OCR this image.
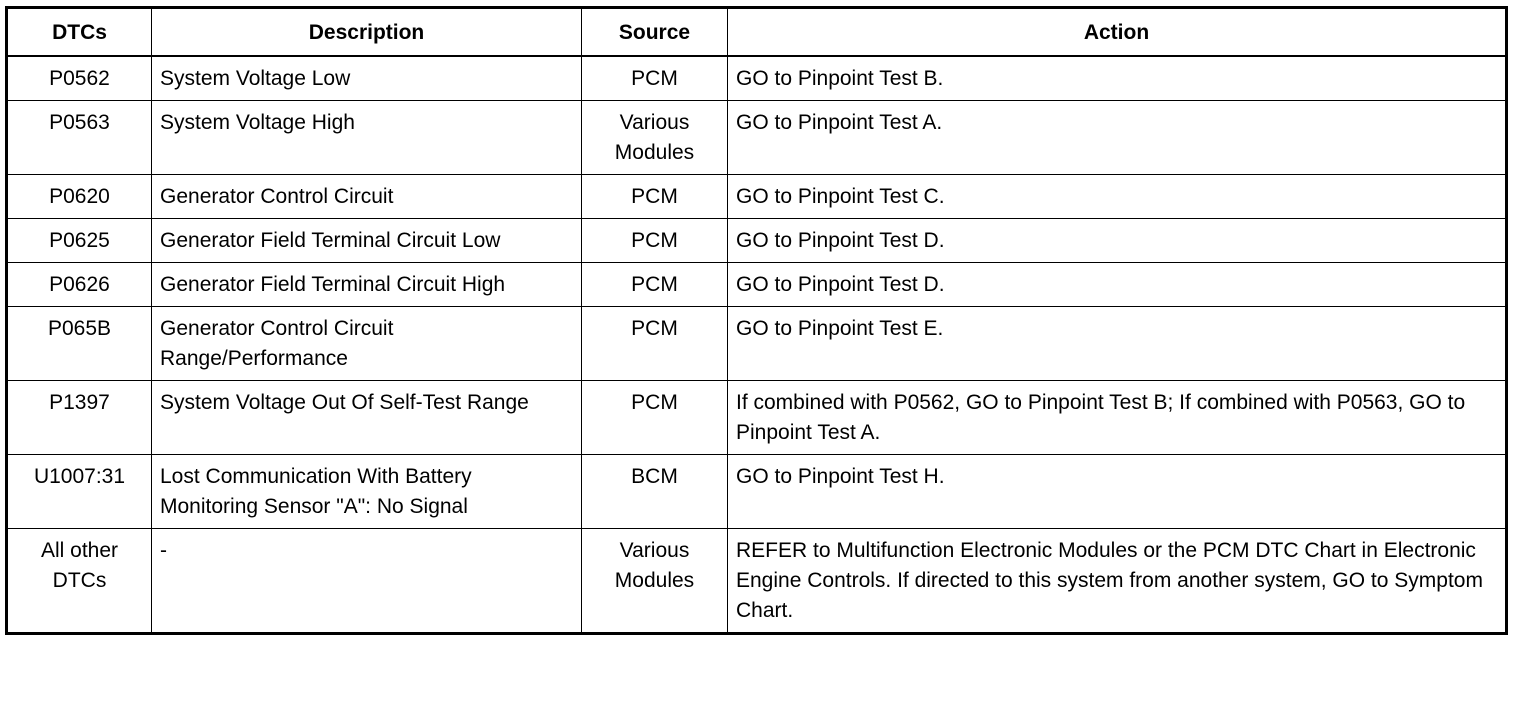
DTCs	Description	Source	Action
P0562	System Voltage Low	PCM	GO to Pinpoint Test B.
P0563	System Voltage High	Various Modules	GO to Pinpoint Test A.
P0620	Generator Control Circuit	PCM	GO to Pinpoint Test C.
P0625	Generator Field Terminal Circuit Low	PCM	GO to Pinpoint Test D.
P0626	Generator Field Terminal Circuit High	PCM	GO to Pinpoint Test D.
P065B	Generator Control Circuit Range/Performance	PCM	GO to Pinpoint Test E.
P1397	System Voltage Out Of Self-Test Range	PCM	If combined with P0562, GO to Pinpoint Test B; If combined with P0563, GO to Pinpoint Test A.
U1007:31	Lost Communication With Battery Monitoring Sensor "A": No Signal	BCM	GO to Pinpoint Test H.
All other DTCs	-	Various Modules	REFER to Multifunction Electronic Modules or the PCM DTC Chart in Electronic Engine Controls. If directed to this system from another system, GO to Symptom Chart.
